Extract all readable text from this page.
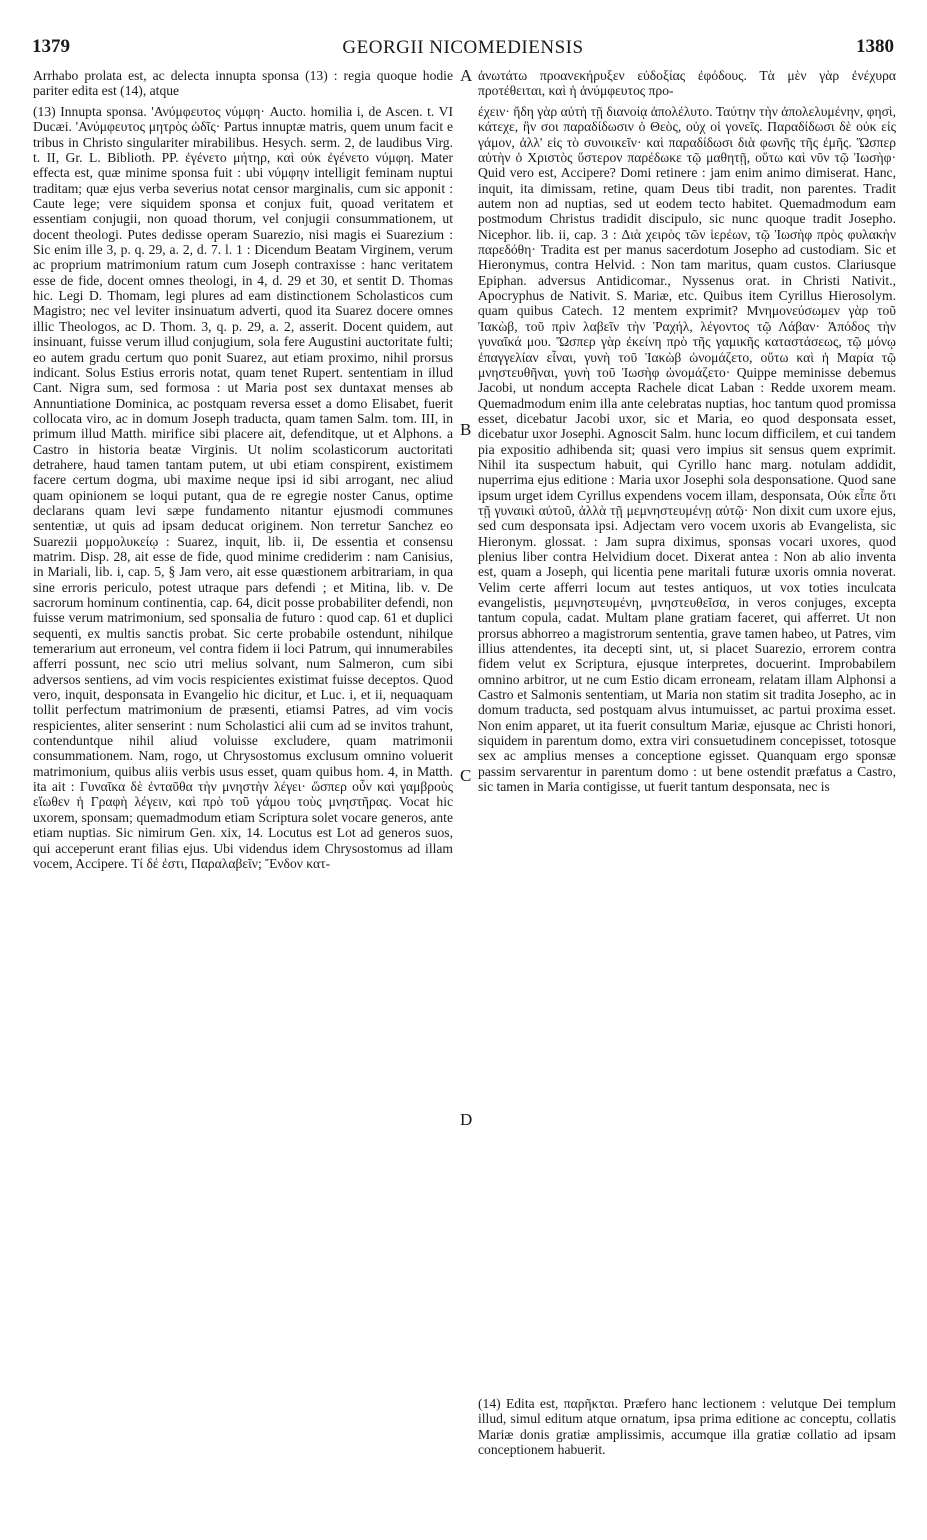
1379	GEORGII NICOMEDIENSIS	1380

Arrhabo prolata est, ac delecta innupta sponsa (13) : regia quoque hodie pariter edita est (14), atque

ἀνωτάτω προανεκήρυξεν εὐδοξίας ἐφόδους. Τὰ μὲν γὰρ ἐνέχυρα προτέθειται, καὶ ἡ ἀνύμφευτος προ-

A
B
C
D

(13) Innupta sponsa. 'Ανύμφευτος νύμφη· Aucto. homilia i, de Ascen. t. VI Ducæi. 'Ανύμφευτος μητρὸς ὠδῖς· Partus innuptæ matris, quem unum facit e tribus in Christo singulariter mirabilibus. Hesych. serm. 2, de laudibus Virg. t. II, Gr. L. Biblioth. PP. ἐγένετο μήτηρ, καὶ οὐκ ἐγένετο νύμφη. Mater effecta est, quæ minime sponsa fuit : ubi νύμφην intelligit feminam nuptui traditam; quæ ejus verba severius notat censor marginalis, cum sic apponit : Caute lege; vere siquidem sponsa et conjux fuit, quoad veritatem et essentiam conjugii, non quoad thorum, vel conjugii consummationem, ut docent theologi. Putes dedisse operam Suarezio, nisi magis ei Suarezium : Sic enim ille 3, p. q. 29, a. 2, d. 7. l. 1 : Dicendum Beatam Virginem, verum ac proprium matrimonium ratum cum Joseph contraxisse : hanc veritatem esse de fide, docent omnes theologi, in 4, d. 29 et 30, et sentit D. Thomas hic. Legi D. Thomam, legi plures ad eam distinctionem Scholasticos cum Magistro; nec vel leviter insinuatum adverti, quod ita Suarez docere omnes illic Theologos, ac D. Thom. 3, q. p. 29, a. 2, asserit. Docent quidem, aut insinuant, fuisse verum illud conjugium, sola fere Augustini auctoritate fulti; eo autem gradu certum quo ponit Suarez, aut etiam proximo, nihil prorsus indicant. Solus Estius erroris notat, quam tenet Rupert. sententiam in illud Cant. Nigra sum, sed formosa : ut Maria post sex duntaxat menses ab Annuntiatione Dominica, ac postquam reversa esset a domo Elisabet, fuerit collocata viro, ac in domum Joseph traducta, quam tamen Salm. tom. III, in primum illud Matth. mirifice sibi placere ait, defenditque, ut et Alphons. a Castro in historia beatæ Virginis. Ut nolim scolasticorum auctoritati detrahere, haud tamen tantam putem, ut ubi etiam conspirent, existimem facere certum dogma, ubi maxime neque ipsi id sibi arrogant, nec aliud quam opinionem se loqui putant, qua de re egregie noster Canus, optime declarans quam levi sæpe fundamento nitantur ejusmodi communes sententiæ, ut quis ad ipsam deducat originem. Non terretur Sanchez eo Suarezii μορμολυκείῳ : Suarez, inquit, lib. ii, De essentia et consensu matrim. Disp. 28, ait esse de fide, quod minime crediderim : nam Canisius, in Mariali, lib. i, cap. 5, § Jam vero, ait esse quæstionem arbitrariam, in qua sine erroris periculo, potest utraque pars defendi ; et Mitina, lib. v. De sacrorum hominum continentia, cap. 64, dicit posse probabiliter defendi, non fuisse verum matrimonium, sed sponsalia de futuro : quod cap. 61 et duplici sequenti, ex multis sanctis probat. Sic certe probabile ostendunt, nihilque temerarium aut erroneum, vel contra fidem ii loci Patrum, qui innumerabiles afferri possunt, nec scio utri melius solvant, num Salmeron, cum sibi adversos sentiens, ad vim vocis respicientes existimat fuisse deceptos. Quod vero, inquit, desponsata in Evangelio hic dicitur, et Luc. i, et ii, nequaquam tollit perfectum matrimonium de præsenti, etiamsi Patres, ad vim vocis respicientes, aliter senserint : num Scholastici alii cum ad se invitos trahunt, contenduntque nihil aliud voluisse excludere, quam matrimonii consummationem. Nam, rogo, ut Chrysostomus exclusum omnino voluerit matrimonium, quibus aliis verbis usus esset, quam quibus hom. 4, in Matth. ita ait : Γυναῖκα δὲ ἐνταῦθα τὴν μνηστὴν λέγει· ὥσπερ οὖν καὶ γαμβροὺς εἴωθεν ἡ Γραφὴ λέγειν, καὶ πρὸ τοῦ γάμου τοὺς μνηστῆρας. Vocat hic uxorem, sponsam; quemadmodum etiam Scriptura solet vocare generos, ante etiam nuptias. Sic nimirum Gen. xix, 14. Locutus est Lot ad generos suos, qui acceperunt erant filias ejus. Ubi videndus idem Chrysostomus ad illam vocem, Accipere. Τί δέ ἐστι, Παραλαβεῖν; Ἔνδον κατ-

έχειν· ἤδη γὰρ αὐτὴ τῇ διανοίᾳ ἀπολέλυτο. Ταύτην τὴν ἀπολελυμένην, φησὶ, κάτεχε, ἣν σοι παραδίδωσιν ὁ Θεὸς, οὐχ οἱ γονεῖς. Παραδίδωσι δὲ οὐκ εἰς γάμον, ἀλλ' εἰς τὸ συνοικεῖν· καὶ παραδίδωσι διὰ φωνῆς τῆς ἐμῆς. Ὥσπερ αὐτὴν ὁ Χριστὸς ὕστερον παρέδωκε τῷ μαθητῇ, οὕτω καὶ νῦν τῷ Ἰωσὴφ· Quid vero est, Accipere? Domi retinere : jam enim animo dimiserat. Hanc, inquit, ita dimissam, retine, quam Deus tibi tradit, non parentes. Tradit autem non ad nuptias, sed ut eodem tecto habitet. Quemadmodum eam postmodum Christus tradidit discipulo, sic nunc quoque tradit Josepho. Nicephor. lib. ii, cap. 3 : Διὰ χειρὸς τῶν ἱερέων, τῷ Ἰωσὴφ πρὸς φυλακὴν παρεδόθη· Tradita est per manus sacerdotum Josepho ad custodiam. Sic et Hieronymus, contra Helvid. : Non tam maritus, quam custos. Clariusque Epiphan. adversus Antidicomar., Nyssenus orat. in Christi Nativit., Apocryphus de Nativit. S. Mariæ, etc. Quibus item Cyrillus Hierosolym. quam quibus Catech. 12 mentem exprimit? Μνημονεύσωμεν γὰρ τοῦ Ἰακὼβ, τοῦ πρὶν λαβεῖν τὴν Ῥαχήλ, λέγοντος τῷ Λάβαν· Ἀπόδος τὴν γυναῖκά μου. Ὥσπερ γὰρ ἐκείνη πρὸ τῆς γαμικῆς καταστάσεως, τῷ μόνῳ ἐπαγγελίαν εἶναι, γυνὴ τοῦ Ἰακὼβ ὠνομάζετο, οὕτω καὶ ἡ Μαρία τῷ μνηστευθῆναι, γυνὴ τοῦ Ἰωσὴφ ὠνομάζετο· Quippe meminisse debemus Jacobi, ut nondum accepta Rachele dicat Laban : Redde uxorem meam. Quemadmodum enim illa ante celebratas nuptias, hoc tantum quod promissa esset, dicebatur Jacobi uxor, sic et Maria, eo quod desponsata esset, dicebatur uxor Josephi. Agnoscit Salm. hunc locum difficilem, et cui tandem pia expositio adhibenda sit; quasi vero impius sit sensus quem exprimit. Nihil ita suspectum habuit, qui Cyrillo hanc marg. notulam addidit, nuperrima ejus editione : Maria uxor Josephi sola desponsatione. Quod sane ipsum urget idem Cyrillus expendens vocem illam, desponsata, Οὐκ εἶπε ὅτι τῇ γυναικὶ αὐτοῦ, ἀλλὰ τῇ μεμνηστευμένῃ αὐτῷ· Non dixit cum uxore ejus, sed cum desponsata ipsi. Adjectam vero vocem uxoris ab Evangelista, sic Hieronym. glossat. : Jam supra diximus, sponsas vocari uxores, quod plenius liber contra Helvidium docet. Dixerat antea : Non ab alio inventa est, quam a Joseph, qui licentia pene maritali futuræ uxoris omnia noverat. Velim certe afferri locum aut testes antiquos, ut vox toties inculcata evangelistis, μεμνηστευμένη, μνηστευθεῖσα, in veros conjuges, excepta tantum copula, cadat. Multam plane gratiam faceret, qui afferret. Ut non prorsus abhorreo a magistrorum sententia, grave tamen habeo, ut Patres, vim illius attendentes, ita decepti sint, ut, si placet Suarezio, errorem contra fidem velut ex Scriptura, ejusque interpretes, docuerint. Improbabilem omnino arbitror, ut ne cum Estio dicam erroneam, relatam illam Alphonsi a Castro et Salmonis sententiam, ut Maria non statim sit tradita Josepho, ac in domum traducta, sed postquam alvus intumuisset, ac partui proxima esset. Non enim apparet, ut ita fuerit consultum Mariæ, ejusque ac Christi honori, siquidem in parentum domo, extra viri consuetudinem concepisset, totosque sex ac amplius menses a conceptione egisset. Quanquam ergo sponsæ passim servarentur in parentum domo : ut bene ostendit præfatus a Castro, sic tamen in Maria contigisse, ut fuerit tantum desponsata, nec is

(14) Edita est, παρῆκται. Præfero hanc lectionem : velutque Dei templum illud, simul editum atque ornatum, ipsa prima editione ac conceptu, collatis Mariæ donis gratiæ amplissimis, accumque illa gratiæ collatio ad ipsam conceptionem habuerit.
